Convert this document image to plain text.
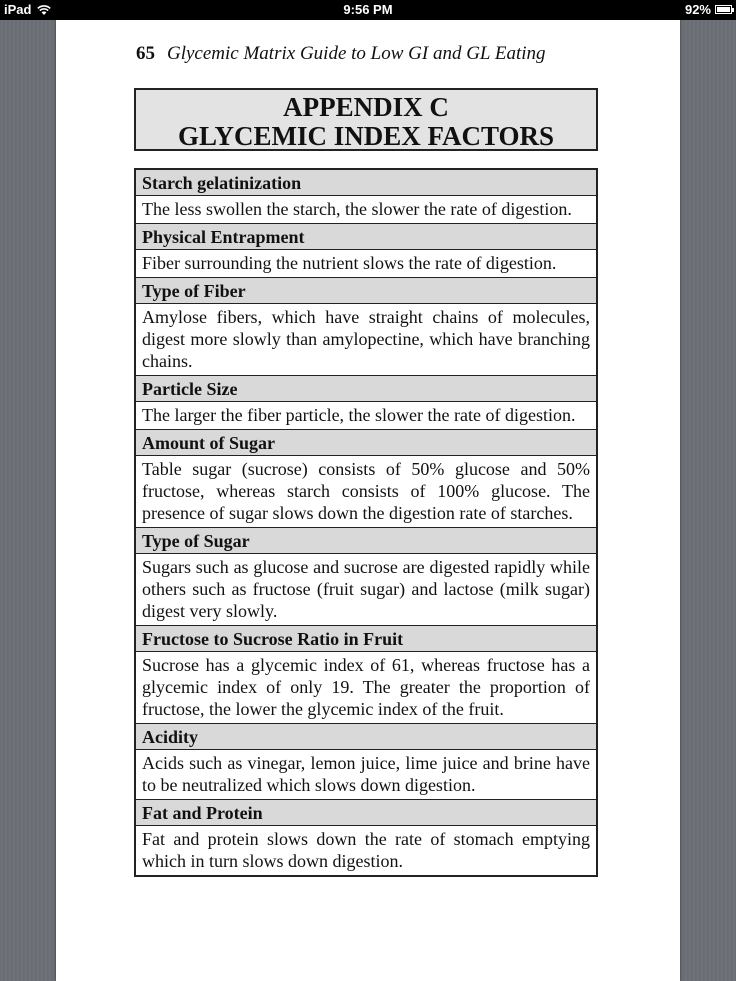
iPad	9:56 PM	92%
65 Glycemic Matrix Guide to Low GI and GL Eating
APPENDIX C
GLYCEMIC INDEX FACTORS
Starch gelatinization
The less swollen the starch, the slower the rate of digestion.
Physical Entrapment
Fiber surrounding the nutrient slows the rate of digestion.
Type of Fiber
Amylose fibers, which have straight chains of molecules, digest more slowly than amylopectine, which have branching chains.
Particle Size
The larger the fiber particle, the slower the rate of digestion.
Amount of Sugar
Table sugar (sucrose) consists of 50% glucose and 50% fructose, whereas starch consists of 100% glucose. The presence of sugar slows down the digestion rate of starches.
Type of Sugar
Sugars such as glucose and sucrose are digested rapidly while others such as fructose (fruit sugar) and lactose (milk sugar) digest very slowly.
Fructose to Sucrose Ratio in Fruit
Sucrose has a glycemic index of 61, whereas fructose has a glycemic index of only 19. The greater the proportion of fructose, the lower the glycemic index of the fruit.
Acidity
Acids such as vinegar, lemon juice, lime juice and brine have to be neutralized which slows down digestion.
Fat and Protein
Fat and protein slows down the rate of stomach emptying which in turn slows down digestion.
